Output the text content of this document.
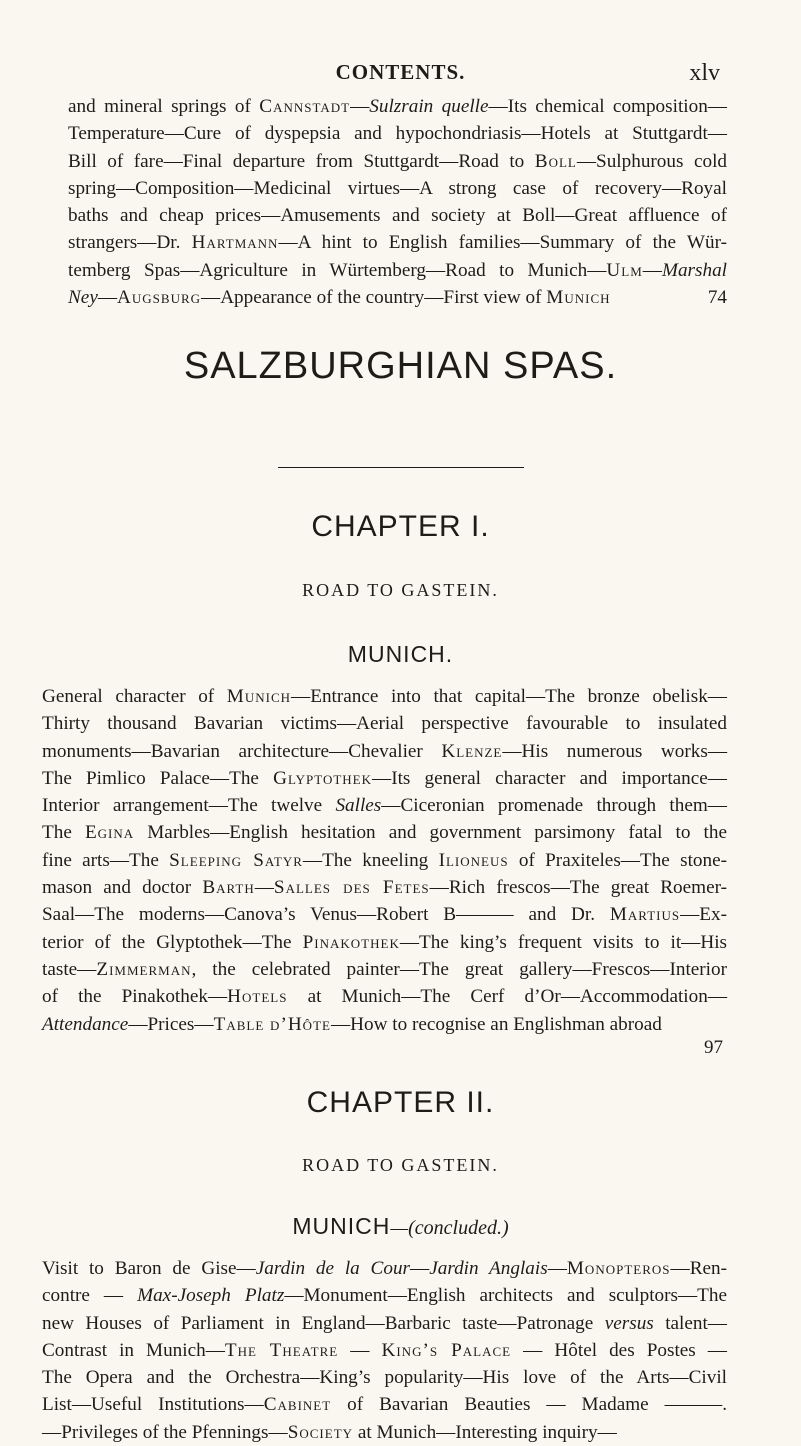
CONTENTS.	xlv
and mineral springs of Cannstadt—Sulzrain quelle—Its chemical composition—
Temperature—Cure of dyspepsia and hypochondriasis—Hotels at Stuttgardt—
Bill of fare—Final departure from Stuttgardt—Road to Boll—Sulphurous cold
spring—Composition—Medicinal virtues—A strong case of recovery—Royal
baths and cheap prices—Amusements and society at Boll—Great affluence of
strangers—Dr. Hartmann—A hint to English families—Summary of the Wür-
temberg Spas—Agriculture in Würtemberg—Road to Munich—Ulm—Marshal
Ney—Augsburg—Appearance of the country—First view of Munich	74
SALZBURGHIAN SPAS.
CHAPTER I.
ROAD TO GASTEIN.
MUNICH.
General character of Munich—Entrance into that capital—The bronze obelisk—
Thirty thousand Bavarian victims—Aerial perspective favourable to insulated
monuments—Bavarian architecture—Chevalier Klenze—His numerous works—
The Pimlico Palace—The Glyptothek—Its general character and importance—
Interior arrangement—The twelve Salles—Ciceronian promenade through them—
The Egina Marbles—English hesitation and government parsimony fatal to the
fine arts—The Sleeping Satyr—The kneeling Ilioneus of Praxiteles—The stone-
mason and doctor Barth—Salles des Fetes—Rich frescos—The great Roemer-
Saal—The moderns—Canova’s Venus—Robert B——— and Dr. Martius—Ex-
terior of the Glyptothek—The Pinakothek—The king’s frequent visits to it—His
taste—Zimmerman, the celebrated painter—The great gallery—Frescos—Interior
of the Pinakothek—Hotels at Munich—The Cerf d’Or—Accommodation—
Attendance—Prices—Table d’Hôte—How to recognise an Englishman abroad
97
CHAPTER II.
ROAD TO GASTEIN.
MUNICH—(concluded.)
Visit to Baron de Gise—Jardin de la Cour—Jardin Anglais—Monopteros—Ren-
contre — Max-Joseph Platz—Monument—English architects and sculptors—The
new Houses of Parliament in England—Barbaric taste—Patronage versus talent—
Contrast in Munich—The Theatre — King’s Palace — Hôtel des Postes —
The Opera and the Orchestra—King’s popularity—His love of the Arts—Civil
List—Useful Institutions—Cabinet of Bavarian Beauties — Madame ———.
—Privileges of the Pfennings—Society at Munich—Interesting inquiry—
